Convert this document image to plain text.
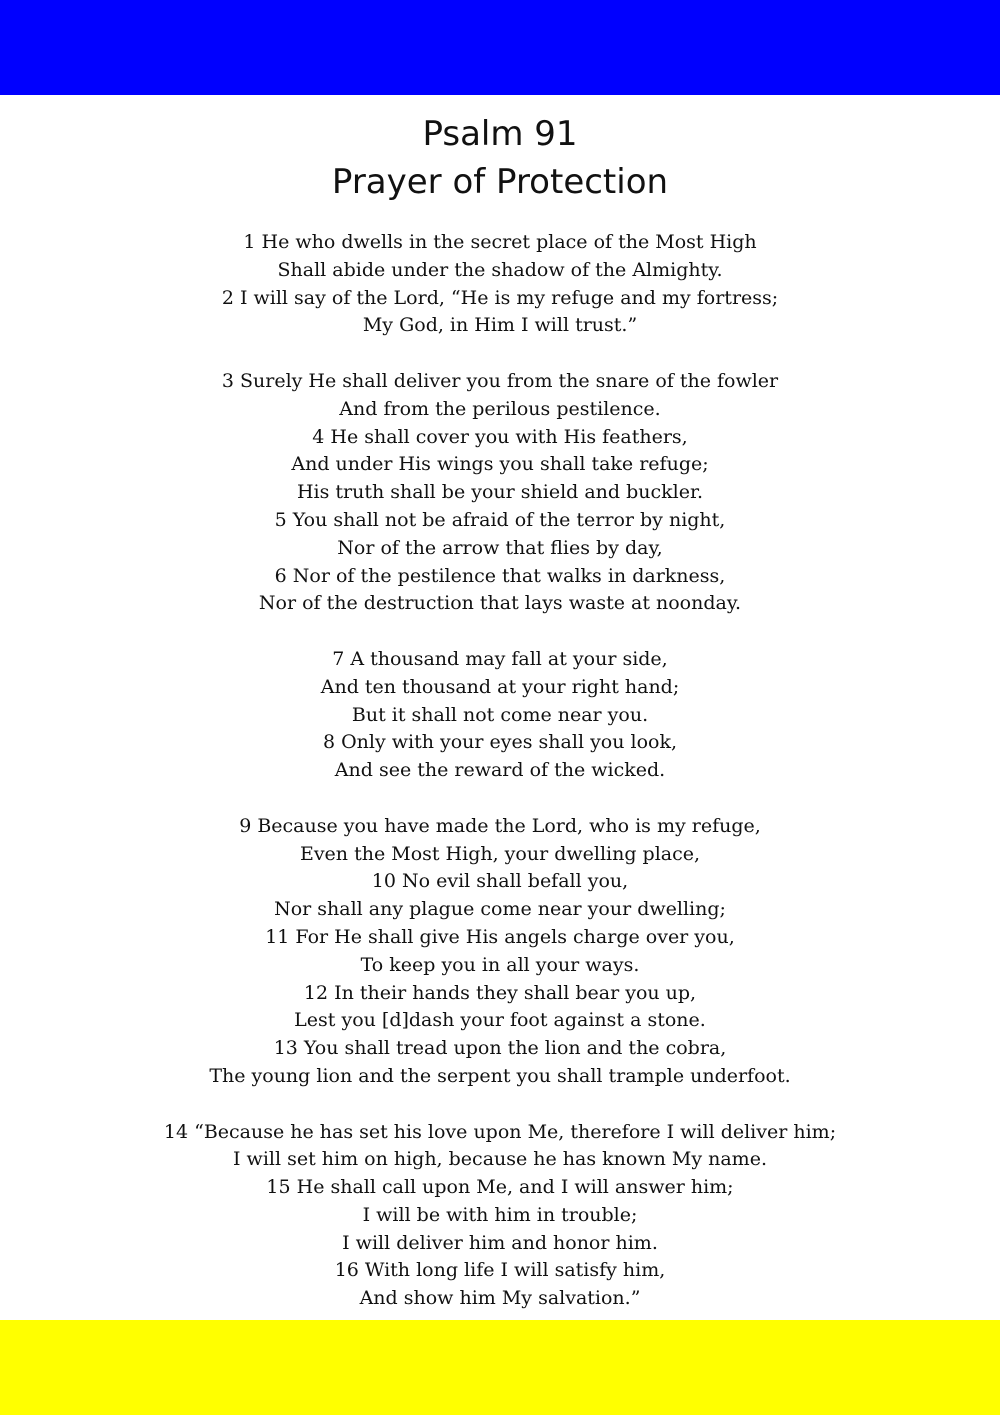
Psalm 91
Prayer of Protection
1 He who dwells in the secret place of the Most High
Shall abide under the shadow of the Almighty.
2 I will say of the Lord, “He is my refuge and my fortress;
My God, in Him I will trust.”
3 Surely He shall deliver you from the snare of the fowler
And from the perilous pestilence.
4 He shall cover you with His feathers,
And under His wings you shall take refuge;
His truth shall be your shield and buckler.
5 You shall not be afraid of the terror by night,
Nor of the arrow that flies by day,
6 Nor of the pestilence that walks in darkness,
Nor of the destruction that lays waste at noonday.
7 A thousand may fall at your side,
And ten thousand at your right hand;
But it shall not come near you.
8 Only with your eyes shall you look,
And see the reward of the wicked.
9 Because you have made the Lord, who is my refuge,
Even the Most High, your dwelling place,
10 No evil shall befall you,
Nor shall any plague come near your dwelling;
11 For He shall give His angels charge over you,
To keep you in all your ways.
12 In their hands they shall bear you up,
Lest you [d]dash your foot against a stone.
13 You shall tread upon the lion and the cobra,
The young lion and the serpent you shall trample underfoot.
14 “Because he has set his love upon Me, therefore I will deliver him;
I will set him on high, because he has known My name.
15 He shall call upon Me, and I will answer him;
I will be with him in trouble;
I will deliver him and honor him.
16 With long life I will satisfy him,
And show him My salvation.”
